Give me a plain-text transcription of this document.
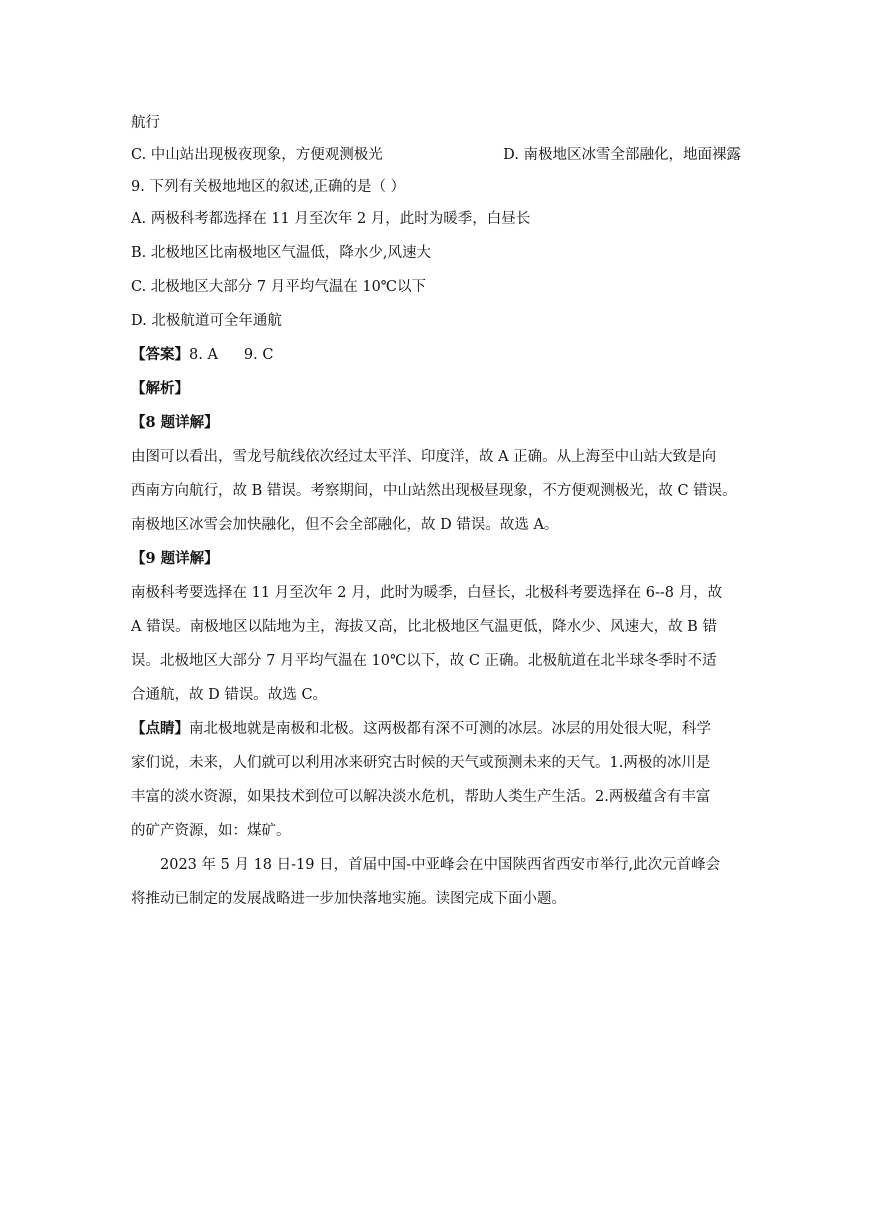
航行
C. 中山站出现极夜现象，方便观测极光	D. 南极地区冰雪全部融化，地面裸露
9. 下列有关极地地区的叙述,正确的是（ ）
A. 两极科考都选择在 11 月至次年 2 月，此时为暖季，白昼长
B. 北极地区比南极地区气温低，降水少,风速大
C. 北极地区大部分 7 月平均气温在 10℃以下
D. 北极航道可全年通航
【答案】8. A 9. C
【解析】
【8 题详解】
由图可以看出，雪龙号航线依次经过太平洋、印度洋，故 A 正确。从上海至中山站大致是向
西南方向航行，故 B 错误。考察期间，中山站然出现极昼现象，不方便观测极光，故 C 错误。
南极地区冰雪会加快融化，但不会全部融化，故 D 错误。故选 A。
【9 题详解】
南极科考要选择在 11 月至次年 2 月，此时为暖季，白昼长，北极科考要选择在 6--8 月，故
A 错误。南极地区以陆地为主，海拔又高，比北极地区气温更低，降水少、风速大，故 B 错
误。北极地区大部分 7 月平均气温在 10℃以下，故 C 正确。北极航道在北半球冬季时不适
合通航，故 D 错误。故选 C。
【点睛】南北极地就是南极和北极。这两极都有深不可测的冰层。冰层的用处很大呢，科学
家们说，未来，人们就可以利用冰来研究古时候的天气或预测未来的天气。1.两极的冰川是
丰富的淡水资源，如果技术到位可以解决淡水危机，帮助人类生产生活。2.两极蕴含有丰富
的矿产资源，如：煤矿。
2023 年 5 月 18 日-19 日，首届中国-中亚峰会在中国陕西省西安市举行,此次元首峰会
将推动已制定的发展战略进一步加快落地实施。读图完成下面小题。
